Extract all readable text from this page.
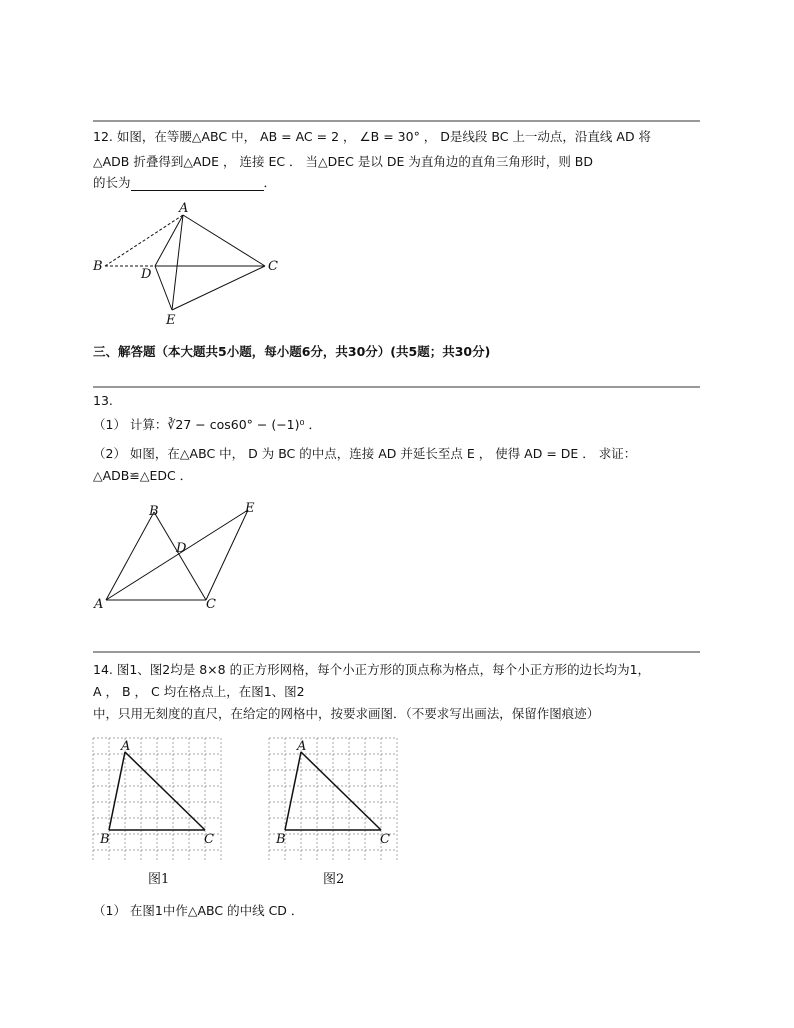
12. 如图，在等腰△ABC 中， AB = AC = 2 ， ∠B = 30° ， D是线段 BC 上一动点，沿直线 AD 将
△ADB 折叠得到△ADE ， 连接 EC ． 当△DEC 是以 DE 为直角边的直角三角形时，则 BD
的长为	．
A
B	C
D
E
三、解答题（本大题共5小题，每小题6分，共30分）(共5题；共30分)
13.
（1） 计算：∛27 − cos60° − (−1)⁰ ．
（2） 如图，在△ABC 中， D 为 BC 的中点，连接 AD 并延长至点 E ， 使得 AD = DE ． 求证：
△ADB≌△EDC ．
A
B
C
D
E
14. 图1、图2均是 8×8 的正方形网格，每个小正方形的顶点称为格点，每个小正方形的边长均为1，
A ， B ， C 均在格点上，在图1、图2
中，只用无刻度的直尺，在给定的网格中，按要求画图．（不要求写出画法，保留作图痕迹）
A
B	C
图1
A
B	C
图2
（1） 在图1中作△ABC 的中线 CD ．
